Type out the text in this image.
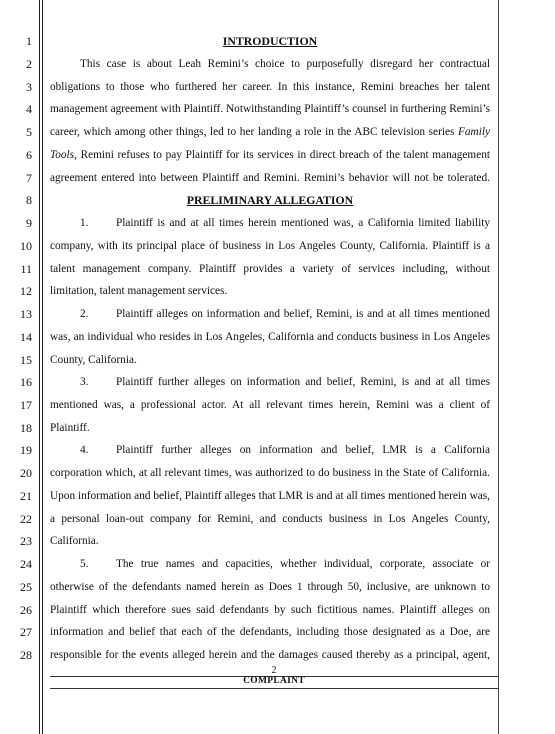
1
2
3
4
5
6
7
8
9
10
11
12
13
14
15
16
17
18
19
20
21
22
23
24
25
26
27
28
INTRODUCTION
This case is about Leah Remini’s choice to purposefully disregard her contractual
obligations to those who furthered her career. In this instance, Remini breaches her talent
management agreement with Plaintiff. Notwithstanding Plaintiff’s counsel in furthering Remini’s
career, which among other things, led to her landing a role in the ABC television series Family
Tools, Remini refuses to pay Plaintiff for its services in direct breach of the talent management
agreement entered into between Plaintiff and Remini. Remini’s behavior will not be tolerated.
PRELIMINARY ALLEGATION
1. Plaintiff is and at all times herein mentioned was, a California limited liability
company, with its principal place of business in Los Angeles County, California. Plaintiff is a
talent management company. Plaintiff provides a variety of services including, without
limitation, talent management services.
2. Plaintiff alleges on information and belief, Remini, is and at all times mentioned
was, an individual who resides in Los Angeles, California and conducts business in Los Angeles
County, California.
3. Plaintiff further alleges on information and belief, Remini, is and at all times
mentioned was, a professional actor. At all relevant times herein, Remini was a client of
Plaintiff.
4. Plaintiff further alleges on information and belief, LMR is a California
corporation which, at all relevant times, was authorized to do business in the State of California.
Upon information and belief, Plaintiff alleges that LMR is and at all times mentioned herein was,
a personal loan-out company for Remini, and conducts business in Los Angeles County,
California.
5. The true names and capacities, whether individual, corporate, associate or
otherwise of the defendants named herein as Does 1 through 50, inclusive, are unknown to
Plaintiff which therefore sues said defendants by such fictitious names. Plaintiff alleges on
information and belief that each of the defendants, including those designated as a Doe, are
responsible for the events alleged herein and the damages caused thereby as a principal, agent,
2
COMPLAINT
